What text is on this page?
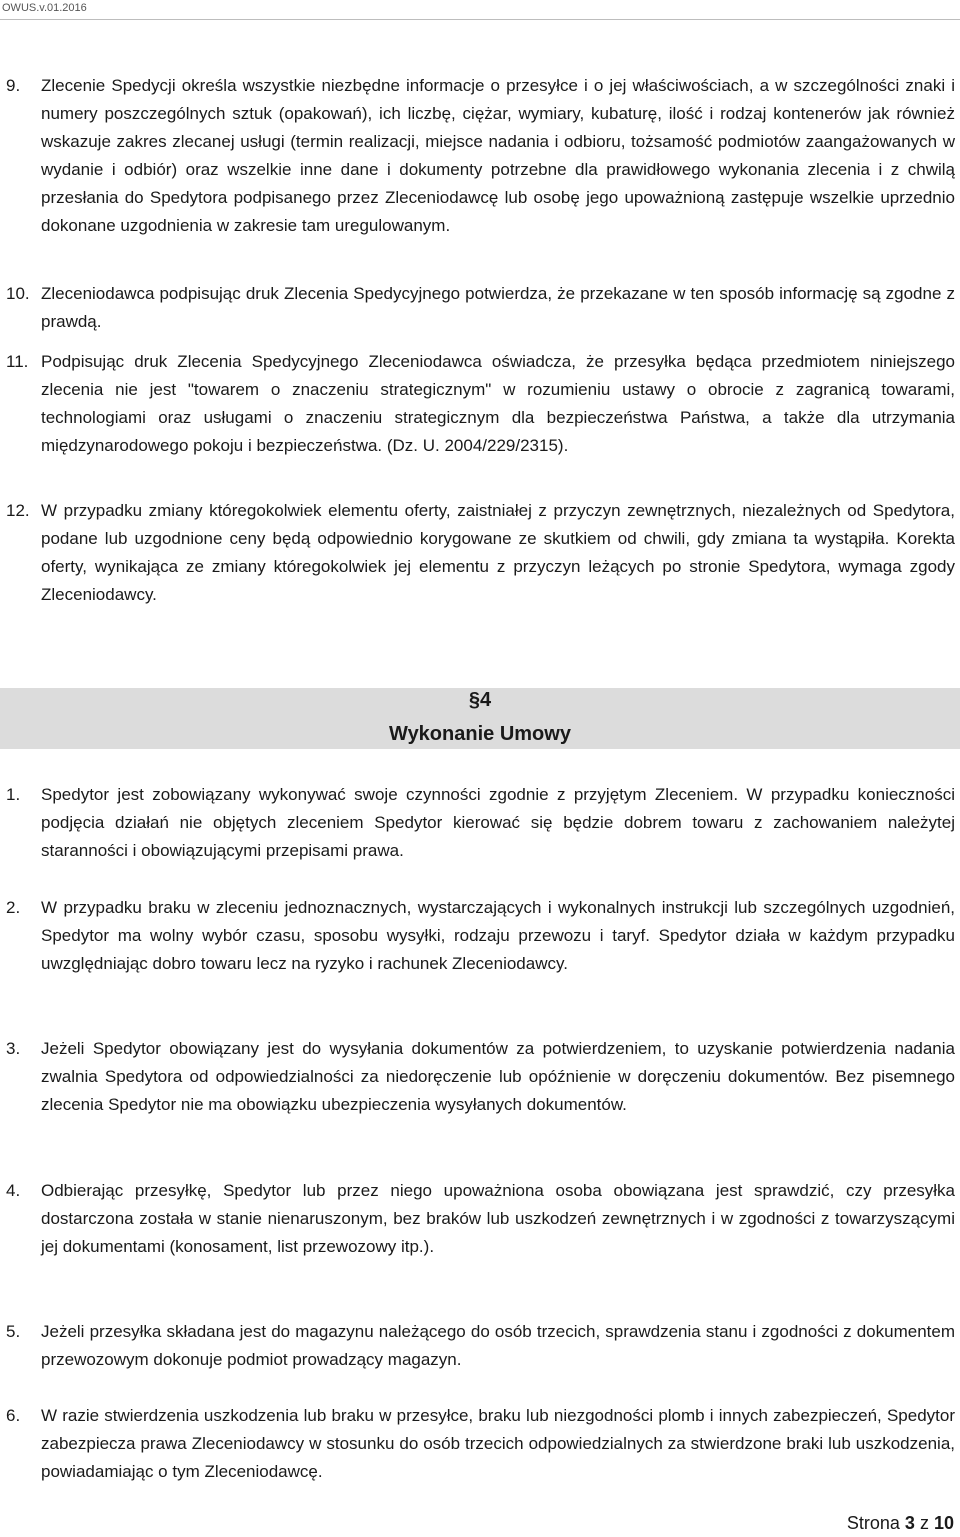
OWUS.v.01.2016
9. Zlecenie Spedycji określa wszystkie niezbędne informacje o przesyłce i o jej właściwościach, a w szczególności znaki i numery poszczególnych sztuk (opakowań), ich liczbę, ciężar, wymiary, kubaturę, ilość i rodzaj kontenerów jak również wskazuje zakres zlecanej usługi (termin realizacji, miejsce nadania i odbioru, tożsamość podmiotów zaangażowanych w wydanie i odbiór) oraz wszelkie inne dane i dokumenty potrzebne dla prawidłowego wykonania zlecenia i z chwilą przesłania do Spedytora podpisanego przez Zleceniodawcę lub osobę jego upoważnioną zastępuje wszelkie uprzednio dokonane uzgodnienia w zakresie tam uregulowanym.
10. Zleceniodawca podpisując druk Zlecenia Spedycyjnego potwierdza, że przekazane w ten sposób informację są zgodne z prawdą.
11. Podpisując druk Zlecenia Spedycyjnego Zleceniodawca oświadcza, że przesyłka będąca przedmiotem niniejszego zlecenia nie jest "towarem o znaczeniu strategicznym" w rozumieniu ustawy o obrocie z zagranicą towarami, technologiami oraz usługami o znaczeniu strategicznym dla bezpieczeństwa Państwa, a także dla utrzymania międzynarodowego pokoju i bezpieczeństwa. (Dz. U. 2004/229/2315).
12. W przypadku zmiany któregokolwiek elementu oferty, zaistniałej z przyczyn zewnętrznych, niezależnych od Spedytora, podane lub uzgodnione ceny będą odpowiednio korygowane ze skutkiem od chwili, gdy zmiana ta wystąpiła. Korekta oferty, wynikająca ze zmiany któregokolwiek jej elementu z przyczyn leżących po stronie Spedytora, wymaga zgody Zleceniodawcy.
§4
Wykonanie Umowy
1. Spedytor jest zobowiązany wykonywać swoje czynności zgodnie z przyjętym Zleceniem. W przypadku konieczności podjęcia działań nie objętych zleceniem Spedytor kierować się będzie dobrem towaru z zachowaniem należytej staranności i obowiązującymi przepisami prawa.
2. W przypadku braku w zleceniu jednoznacznych, wystarczających i wykonalnych instrukcji lub szczególnych uzgodnień, Spedytor ma wolny wybór czasu, sposobu wysyłki, rodzaju przewozu i taryf. Spedytor działa w każdym przypadku uwzględniając dobro towaru lecz na ryzyko i rachunek Zleceniodawcy.
3. Jeżeli Spedytor obowiązany jest do wysyłania dokumentów za potwierdzeniem, to uzyskanie potwierdzenia nadania zwalnia Spedytora od odpowiedzialności za niedoręczenie lub opóźnienie w doręczeniu dokumentów. Bez pisemnego zlecenia Spedytor nie ma obowiązku ubezpieczenia wysyłanych dokumentów.
4. Odbierając przesyłkę, Spedytor lub przez niego upoważniona osoba obowiązana jest sprawdzić, czy przesyłka dostarczona została w stanie nienaruszonym, bez braków lub uszkodzeń zewnętrznych i w zgodności z towarzyszącymi jej dokumentami (konosament, list przewozowy itp.).
5. Jeżeli przesyłka składana jest do magazynu należącego do osób trzecich, sprawdzenia stanu i zgodności z dokumentem przewozowym dokonuje podmiot prowadzący magazyn.
6. W razie stwierdzenia uszkodzenia lub braku w przesyłce, braku lub niezgodności plomb i innych zabezpieczeń, Spedytor zabezpiecza prawa Zleceniodawcy w stosunku do osób trzecich odpowiedzialnych za stwierdzone braki lub uszkodzenia, powiadamiając o tym Zleceniodawcę.
Strona 3 z 10
